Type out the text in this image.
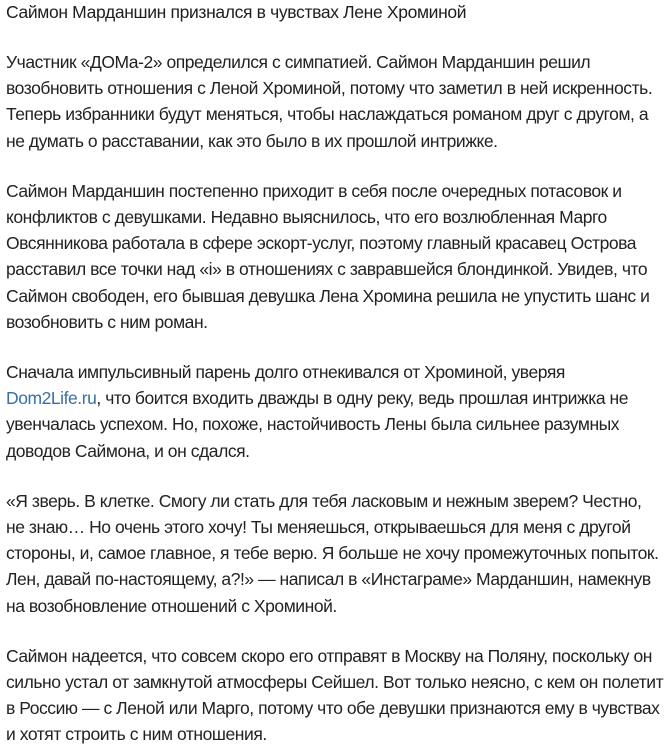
Саймон Марданшин признался в чувствах Лене Хроминой

Участник «ДОМа-2» определился с симпатией. Саймон Марданшин решил возобновить отношения с Леной Хроминой, потому что заметил в ней искренность. Теперь избранники будут меняться, чтобы наслаждаться романом друг с другом, а не думать о расставании, как это было в их прошлой интрижке.

Саймон Марданшин постепенно приходит в себя после очередных потасовок и конфликтов с девушками. Недавно выяснилось, что его возлюбленная Марго Овсянникова работала в сфере эскорт-услуг, поэтому главный красавец Острова расставил все точки над «i» в отношениях с завравшейся блондинкой. Увидев, что Саймон свободен, его бывшая девушка Лена Хромина решила не упустить шанс и возобновить с ним роман.

Сначала импульсивный парень долго отнекивался от Хроминой, уверяя Dom2Life.ru, что боится входить дважды в одну реку, ведь прошлая интрижка не увенчалась успехом. Но, похоже, настойчивость Лены была сильнее разумных доводов Саймона, и он сдался.

«Я зверь. В клетке. Смогу ли стать для тебя ласковым и нежным зверем? Честно, не знаю… Но очень этого хочу! Ты меняешься, открываешься для меня с другой стороны, и, самое главное, я тебе верю. Я больше не хочу промежуточных попыток. Лен, давай по-настоящему, а?!» — написал в «Инстаграме» Марданшин, намекнув на возобновление отношений с Хроминой.

Саймон надеется, что совсем скоро его отправят в Москву на Поляну, поскольку он сильно устал от замкнутой атмосферы Сейшел. Вот только неясно, с кем он полетит в Россию — с Леной или Марго, потому что обе девушки признаются ему в чувствах и хотят строить с ним отношения.
